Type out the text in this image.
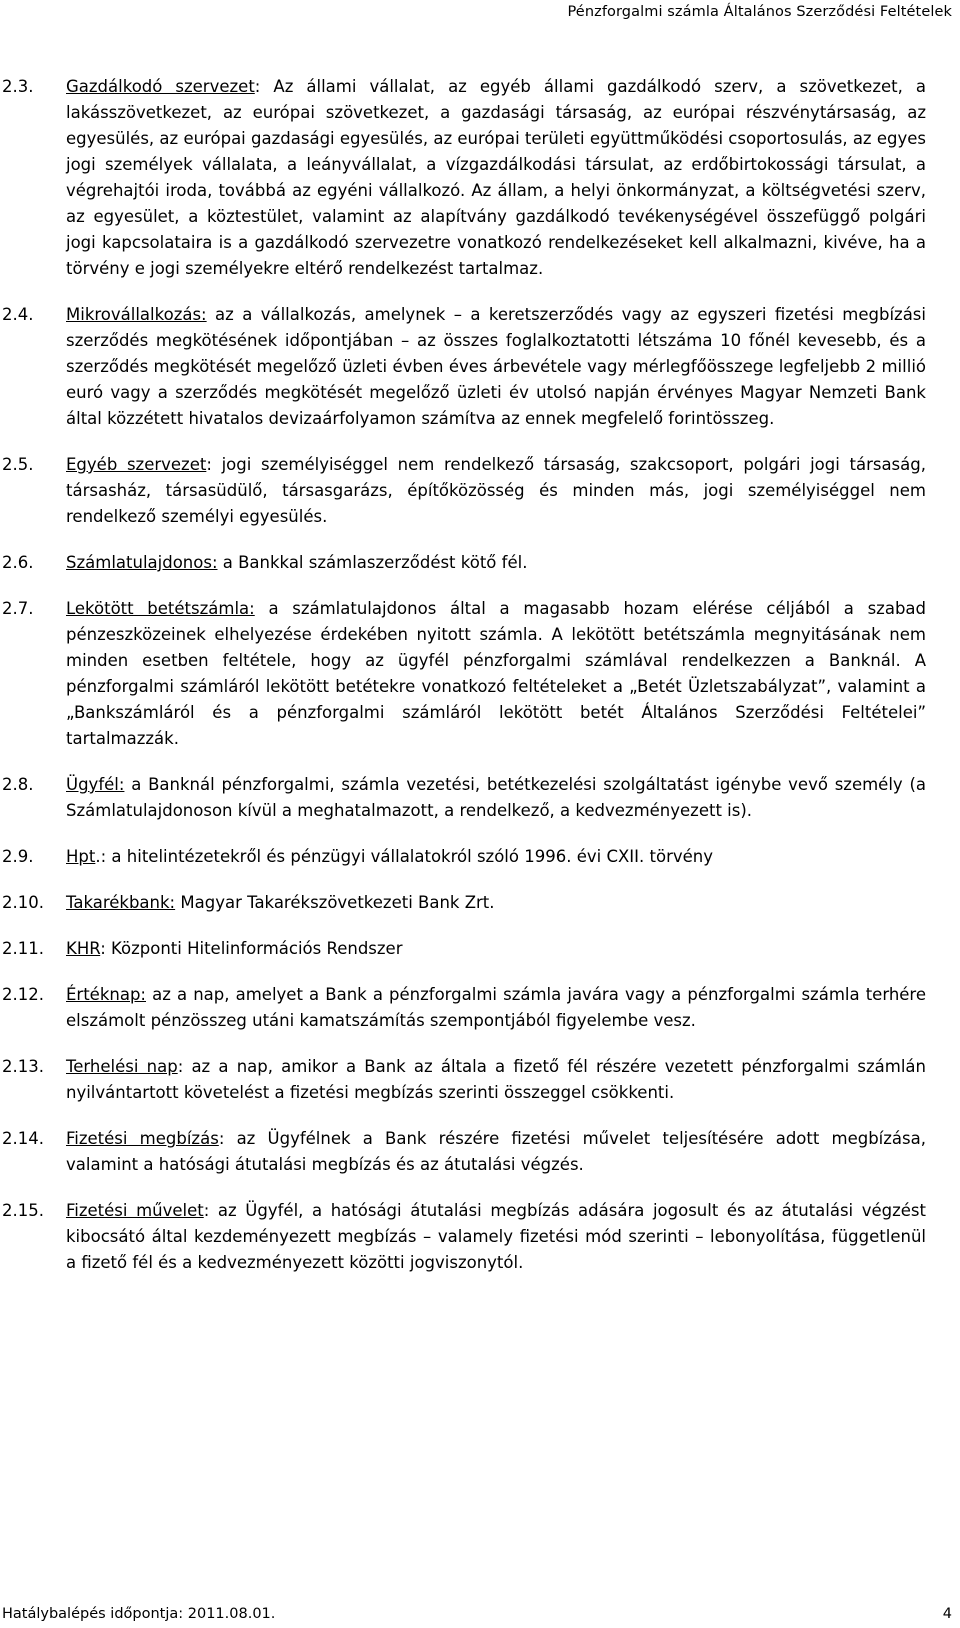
Pénzforgalmi számla Általános Szerződési Feltételek
2.3. Gazdálkodó szervezet: Az állami vállalat, az egyéb állami gazdálkodó szerv, a szövetkezet, a lakásszövetkezet, az európai szövetkezet, a gazdasági társaság, az európai részvénytársaság, az egyesülés, az európai gazdasági egyesülés, az európai területi együttműködési csoportosulás, az egyes jogi személyek vállalata, a leányvállalat, a vízgazdálkodási társulat, az erdőbirtokossági társulat, a végrehajtói iroda, továbbá az egyéni vállalkozó. Az állam, a helyi önkormányzat, a költségvetési szerv, az egyesület, a köztestület, valamint az alapítvány gazdálkodó tevékenységével összefüggő polgári jogi kapcsolataira is a gazdálkodó szervezetre vonatkozó rendelkezéseket kell alkalmazni, kivéve, ha a törvény e jogi személyekre eltérő rendelkezést tartalmaz.
2.4. Mikrovállalkozás: az a vállalkozás, amelynek – a keretszerződés vagy az egyszeri fizetési megbízási szerződés megkötésének időpontjában – az összes foglalkoztatotti létszáma 10 főnél kevesebb, és a szerződés megkötését megelőző üzleti évben éves árbevétele vagy mérlegfőösszege legfeljebb 2 millió euró vagy a szerződés megkötését megelőző üzleti év utolsó napján érvényes Magyar Nemzeti Bank által közzétett hivatalos devizaárfolyamon számítva az ennek megfelelő forintösszeg.
2.5. Egyéb szervezet: jogi személyiséggel nem rendelkező társaság, szakcsoport, polgári jogi társaság, társasház, társasüdülő, társasgarázs, építőközösség és minden más, jogi személyiséggel nem rendelkező személyi egyesülés.
2.6. Számlatulajdonos: a Bankkal számlaszerződést kötő fél.
2.7. Lekötött betétszámla: a számlatulajdonos által a magasabb hozam elérése céljából a szabad pénzeszközeinek elhelyezése érdekében nyitott számla. A lekötött betétszámla megnyitásának nem minden esetben feltétele, hogy az ügyfél pénzforgalmi számlával rendelkezzen a Banknál. A pénzforgalmi számláról lekötött betétekre vonatkozó feltételeket a „Betét Üzletszabályzat”, valamint a „Bankszámláról és a pénzforgalmi számláról lekötött betét Általános Szerződési Feltételei” tartalmazzák.
2.8. Ügyfél: a Banknál pénzforgalmi, számla vezetési, betétkezelési szolgáltatást igénybe vevő személy (a Számlatulajdonoson kívül a meghatalmazott, a rendelkező, a kedvezményezett is).
2.9. Hpt.: a hitelintézetekről és pénzügyi vállalatokról szóló 1996. évi CXII. törvény
2.10. Takarékbank: Magyar Takarékszövetkezeti Bank Zrt.
2.11. KHR: Központi Hitelinformációs Rendszer
2.12. Értéknap: az a nap, amelyet a Bank a pénzforgalmi számla javára vagy a pénzforgalmi számla terhére elszámolt pénzösszeg utáni kamatszámítás szempontjából figyelembe vesz.
2.13. Terhelési nap: az a nap, amikor a Bank az általa a fizető fél részére vezetett pénzforgalmi számlán nyilvántartott követelést a fizetési megbízás szerinti összeggel csökkenti.
2.14. Fizetési megbízás: az Ügyfélnek a Bank részére fizetési művelet teljesítésére adott megbízása, valamint a hatósági átutalási megbízás és az átutalási végzés.
2.15. Fizetési művelet: az Ügyfél, a hatósági átutalási megbízás adására jogosult és az átutalási végzést kibocsátó által kezdeményezett megbízás – valamely fizetési mód szerinti – lebonyolítása, függetlenül a fizető fél és a kedvezményezett közötti jogviszonytól.
Hatálybalépés időpontja: 2011.08.01.	4
